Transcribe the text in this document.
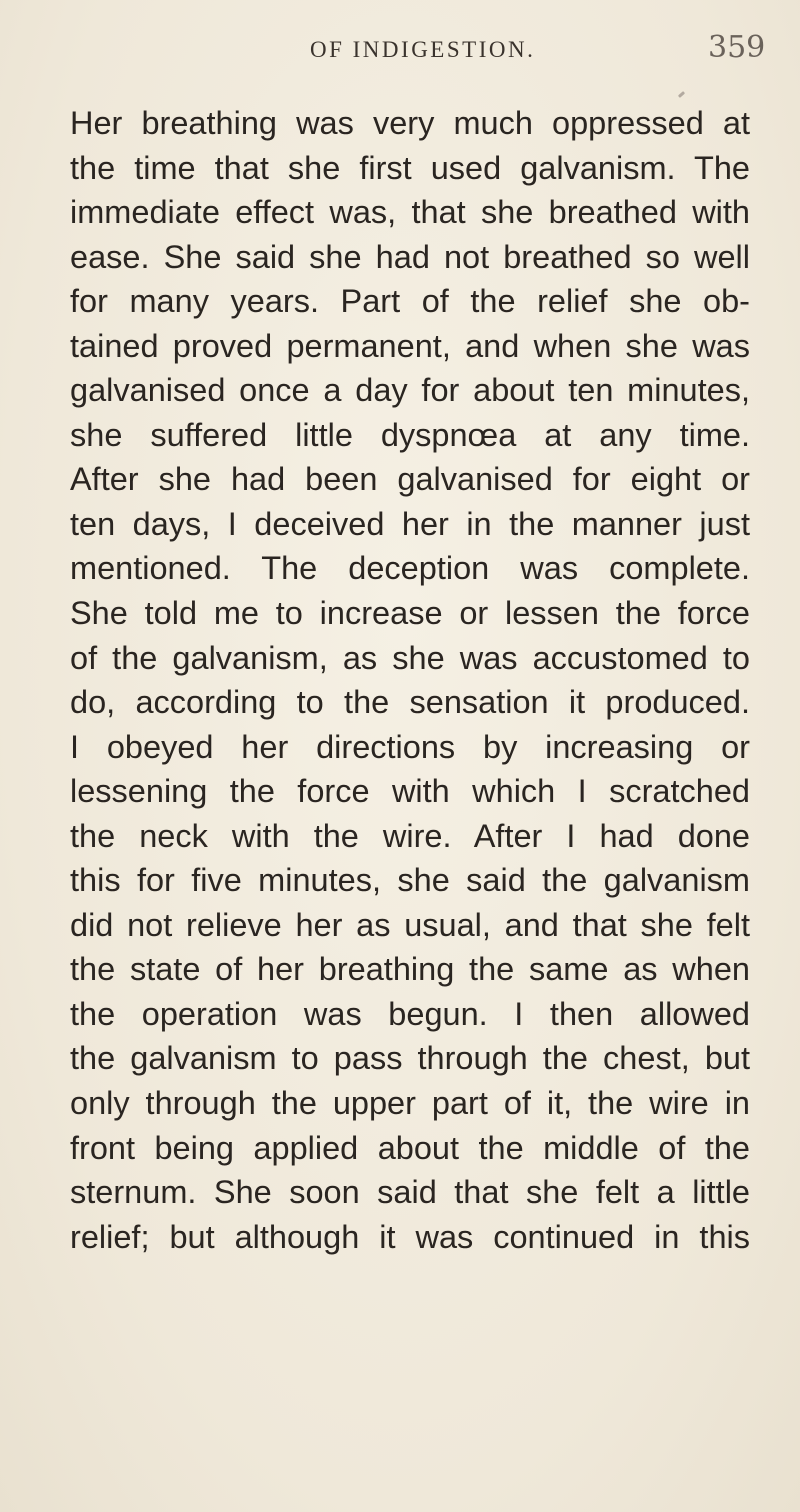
OF INDIGESTION.	359
Her breathing was very much oppressed at
the time that she first used galvanism. The
immediate effect was, that she breathed with
ease. She said she had not breathed so well
for many years. Part of the relief she ob-
tained proved permanent, and when she was
galvanised once a day for about ten minutes,
she suffered little dyspnœa at any time.
After she had been galvanised for eight or
ten days, I deceived her in the manner just
mentioned. The deception was complete.
She told me to increase or lessen the force
of the galvanism, as she was accustomed to
do, according to the sensation it produced.
I obeyed her directions by increasing or
lessening the force with which I scratched
the neck with the wire. After I had done
this for five minutes, she said the galvanism
did not relieve her as usual, and that she felt
the state of her breathing the same as when
the operation was begun. I then allowed
the galvanism to pass through the chest, but
only through the upper part of it, the wire in
front being applied about the middle of the
sternum. She soon said that she felt a little
relief; but although it was continued in this
